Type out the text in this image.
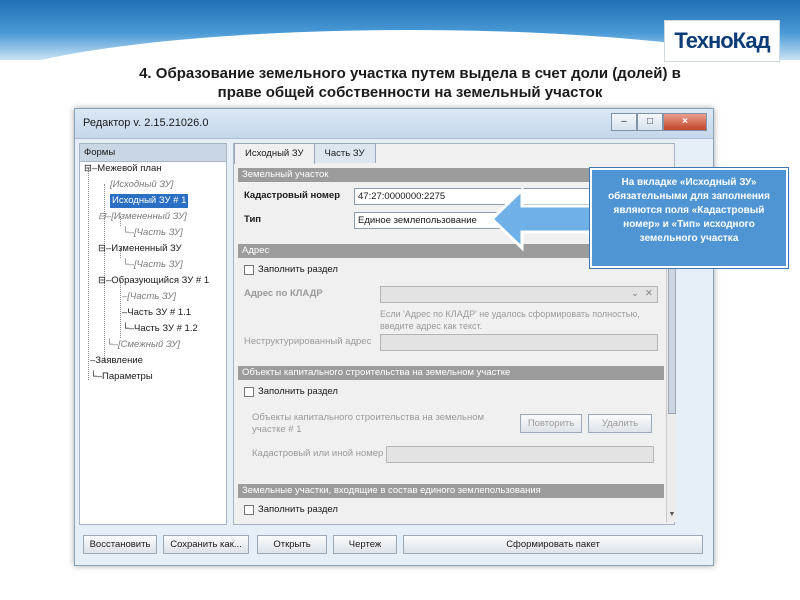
ТехноКад
4. Образование земельного участка путем выдела в счет доли (долей) в
праве общей собственности на земельный участок
Редактор v. 2.15.21026.0	–	□	×
Формы
⊟–Межевой план
[Исходный ЗУ]
Исходный ЗУ # 1
⊟–[Измененный ЗУ]
└–[Часть ЗУ]
⊟–Измененный ЗУ
└–[Часть ЗУ]
⊟–Образующийся ЗУ # 1
–[Часть ЗУ]
–Часть ЗУ # 1.1
└–Часть ЗУ # 1.2
└–[Смежный ЗУ]
–Заявление
└–Параметры
Исходный ЗУ	Часть ЗУ
Земельный участок
Кадастровый номер	47:27:0000000:2275
Тип	Единое землепользование
Адрес
Заполнить раздел
Адрес по КЛАДР	⌄ ✕
Если 'Адрес по КЛАДР' не удалось сформировать полностью, введите адрес как текст.
Неструктурированный адрес
Объекты капитального строительства на земельном участке
Заполнить раздел
Объекты капитального строительства на земельном участке # 1
Повторить	Удалить
Кадастровый или иной номер
Земельные участки, входящие в состав единого землепользования
Заполнить раздел	▼
Восстановить	Сохранить как...	Открыть	Чертеж	Сформировать пакет
На вкладке «Исходный ЗУ» обязательными для заполнения являются поля «Кадастровый номер» и «Тип» исходного земельного участка
